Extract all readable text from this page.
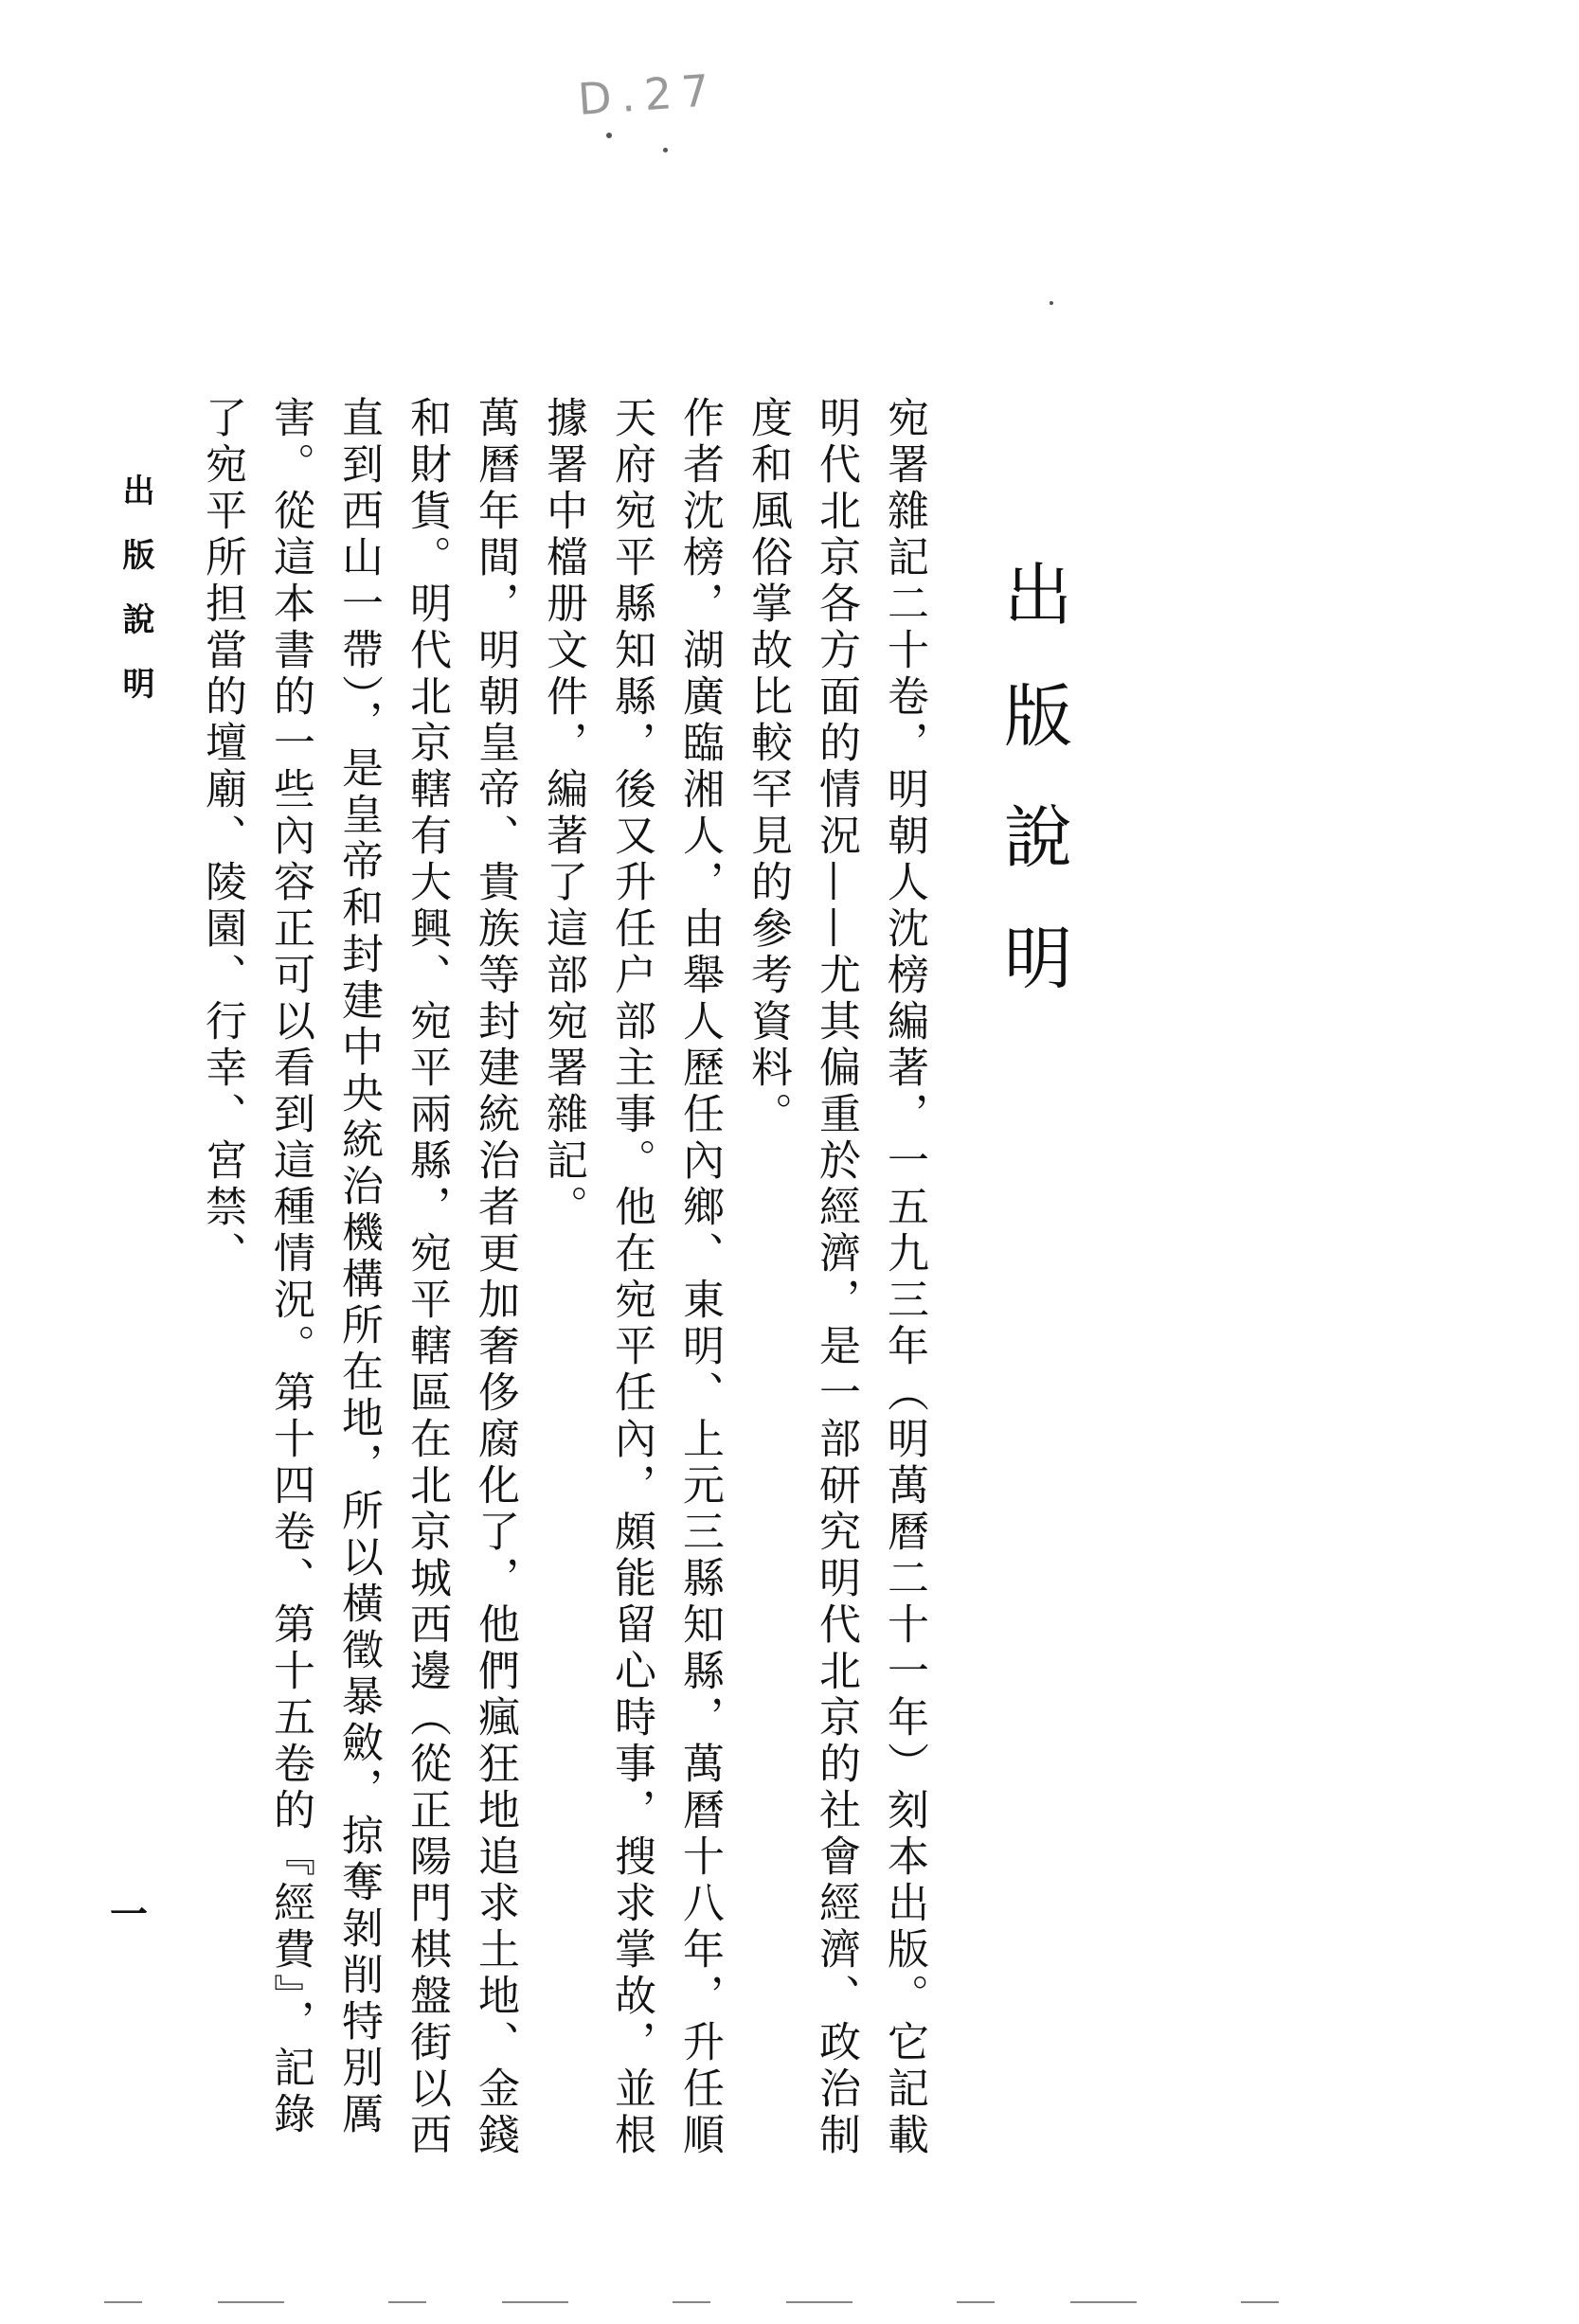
D.27
出版說明

宛署雜記二十卷，明朝人沈榜編著，一五九三年（明萬曆二十一年）刻本出版。它記載明代北京各方面的情況——尤其偏重於經濟，是一部研究明代北京的社會經濟、政治制度和風俗掌故比較罕見的參考資料。

作者沈榜，湖廣臨湘人，由舉人歷任內鄉、東明、上元三縣知縣，萬曆十八年，升任順天府宛平縣知縣，後又升任户部主事。他在宛平任內，頗能留心時事，搜求掌故，並根據署中檔册文件，編著了這部宛署雜記。

萬曆年間，明朝皇帝、貴族等封建統治者更加奢侈腐化了，他們瘋狂地追求土地、金錢和財貨。明代北京轄有大興、宛平兩縣，宛平轄區在北京城西邊（從正陽門棋盤街以西直到西山一帶），是皇帝和封建中央統治機構所在地，所以橫徵暴斂，掠奪剝削特別厲害。從這本書的一些內容正可以看到這種情況。第十四卷、第十五卷的『經費』，記錄了宛平所担當的壇廟、陵園、行幸、宮禁、

出版說明
一
